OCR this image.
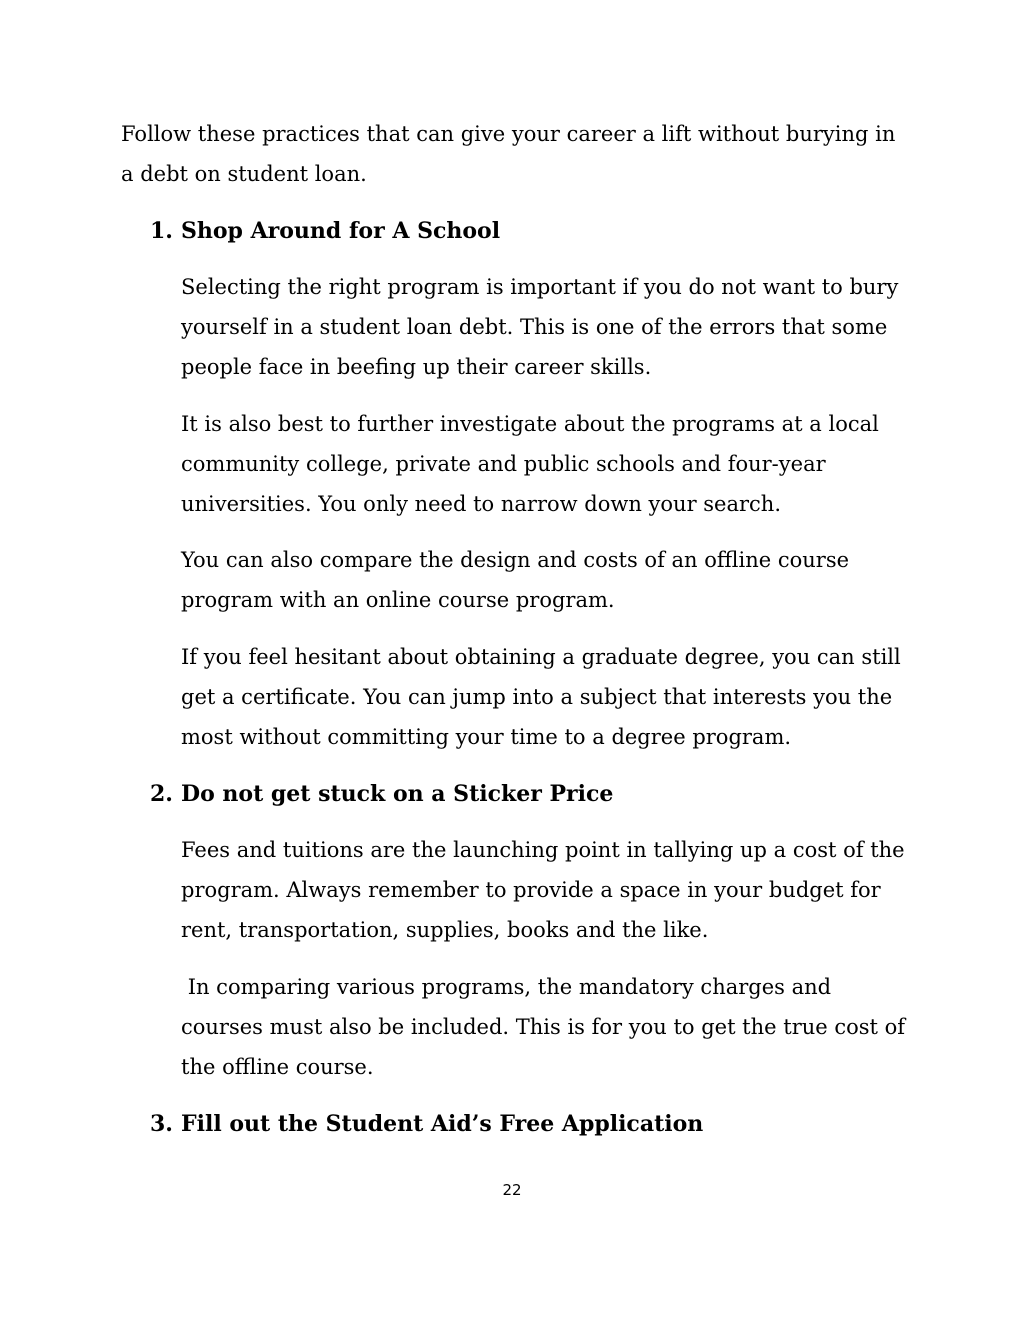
Follow these practices that can give your career a lift without burying in a debt on student loan.

1. Shop Around for A School

Selecting the right program is important if you do not want to bury yourself in a student loan debt. This is one of the errors that some people face in beefing up their career skills.

It is also best to further investigate about the programs at a local community college, private and public schools and four-year universities. You only need to narrow down your search.

You can also compare the design and costs of an offline course program with an online course program.

If you feel hesitant about obtaining a graduate degree, you can still get a certificate. You can jump into a subject that interests you the most without committing your time to a degree program.

2. Do not get stuck on a Sticker Price

Fees and tuitions are the launching point in tallying up a cost of the program. Always remember to provide a space in your budget for rent, transportation, supplies, books and the like.

In comparing various programs, the mandatory charges and courses must also be included. This is for you to get the true cost of the offline course.

3. Fill out the Student Aid’s Free Application
22
